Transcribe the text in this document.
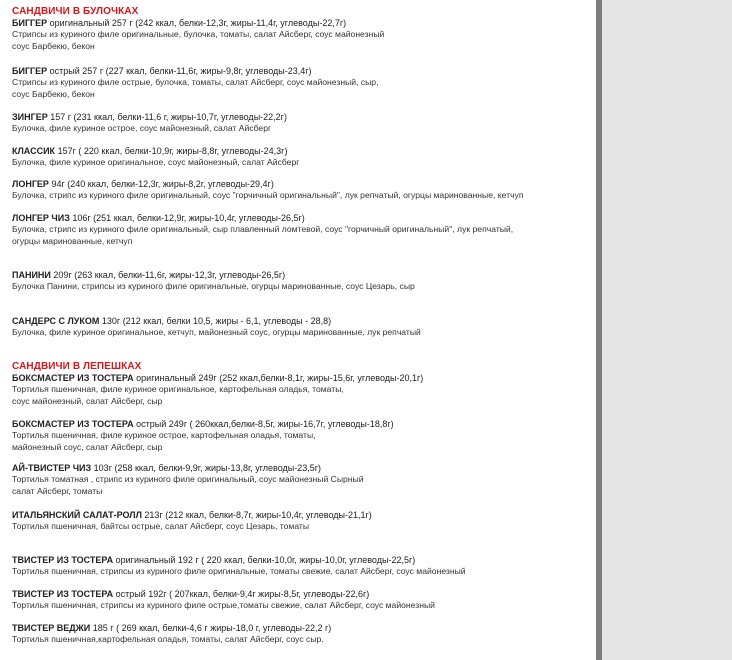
САНДВИЧИ В БУЛОЧКАХ
БИГГЕР оригинальный 257 г (242 ккал, белки-12,3г, жиры-11,4г, углеводы-22,7г)
Стрипсы из куриного филе оригинальные, булочка, томаты, салат Айсберг, соус майонезный
соус Барбекю, бекон
БИГГЕР острый 257 г (227 ккал, белки-11,6г, жиры-9,8г, углеводы-23,4г)
Стрипсы из куриного филе острые, булочка, томаты, салат Айсберг, соус майонезный, сыр,
соус Барбекю, бекон
ЗИНГЕР 157 г (231 ккал, белки-11,6 г, жиры-10,7г, углеводы-22,2г)
Булочка, филе куриное острое, соус майонезный, салат Айсберг
КЛАССИК 157г ( 220 ккал, белки-10,9г, жиры-8,8г, углеводы-24,3г)
Булочка, филе куриное оригинальное, соус майонезный, салат Айсберг
ЛОНГЕР 94г (240 ккал, белки-12,3г, жиры-8,2г, углеводы-29,4г)
Булочка, стрипс из куриного филе оригинальный, соус "горчичный оригинальный", лук репчатый, огурцы маринованные, кетчуп
ЛОНГЕР ЧИЗ 106г (251 ккал, белки-12,9г, жиры-10,4г, углеводы-26,5г)
Булочка, стрипс из куриного филе оригинальный, сыр плавленный ломтевой, соус "горчичный оригинальный", лук репчатый,
огурцы маринованные, кетчуп
ПАНИНИ 209г (263 ккал, белки-11,6г, жиры-12,3г, углеводы-26,5г)
Булочка Панини, стрипсы из куриного филе оригинальные, огурцы маринованные, соус Цезарь, сыр
САНДЕРС С ЛУКОМ 130г (212 ккал, белки 10,5, жиры - 6,1, углеводы - 28,8)
Булочка, филе куриное оригинальное, кетчуп, майонезный соус, огурцы маринованные, лук репчатый
САНДВИЧИ В ЛЕПЕШКАХ
БОКСМАСТЕР ИЗ ТОСТЕРА оригинальный 249г (252 ккал,белки-8,1г, жиры-15,6г, углеводы-20,1г)
Тортилья пшеничная, филе куриное оригинальное, картофельная оладья, томаты,
соус майонезный, салат Айсберг, сыр
БОКСМАСТЕР ИЗ ТОСТЕРА острый 249г ( 260ккал,белки-8,5г, жиры-16,7г, углеводы-18,8г)
Тортилья пшеничная, филе куриное острое, картофельная оладья, томаты,
майонезный соус, салат Айсберг, сыр
АЙ-ТВИСТЕР ЧИЗ 103г (258 ккал, белки-9,9г, жиры-13,8г, углеводы-23,5г)
Тортилья томатная , стрипс из куриного филе оригинальный, соус майонезный Сырный
салат Айсберг, томаты
ИТАЛЬЯНСКИЙ САЛАТ-РОЛЛ 213г (212 ккал, белки-8,7г, жиры-10,4г, углеводы-21,1г)
Тортилья пшеничная, байтсы острые, салат Айсберг, соус Цезарь, томаты
ТВИСТЕР ИЗ ТОСТЕРА оригинальный 192 г ( 220 ккал, белки-10,0г, жиры-10,0г, углеводы-22,5г)
Тортилья пшеничная, стрипсы из куриного филе оригинальные, томаты свежие, салат Айсберг, соус майонезный
ТВИСТЕР ИЗ ТОСТЕРА острый 192г ( 207ккал, белки-9,4г жиры-8,5г, углеводы-22,6г)
Тортилья пшеничная, стрипсы из куриного филе острые,томаты свежие, салат Айсберг, соус майонезный
ТВИСТЕР ВЕДЖИ 185 г ( 269 ккал, белки-4,6 г жиры-18,0 г, углеводы-22,2 г)
Тортилья пшеничная,картофельная оладья, томаты, салат Айсберг, соус сыр.
